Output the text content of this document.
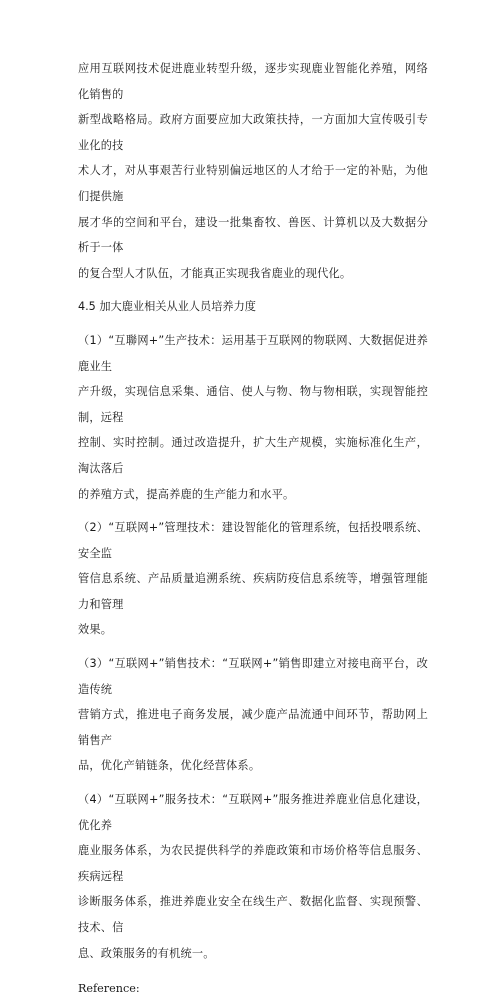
应用互联网技术促进鹿业转型升级，逐步实现鹿业智能化养殖，网络化销售的
新型战略格局。政府方面要应加大政策扶持，一方面加大宣传吸引专业化的技
术人才，对从事艰苦行业特别偏远地区的人才给于一定的补贴，为他们提供施
展才华的空间和平台，建设一批集畜牧、兽医、计算机以及大数据分析于一体
的复合型人才队伍，才能真正实现我省鹿业的现代化。

4.5 加大鹿业相关从业人员培养力度

（1）“互聯网+”生产技术：运用基于互联网的物联网、大数据促进养鹿业生
产升级，实现信息采集、通信、使人与物、物与物相联，实现智能控制，远程
控制、实时控制。通过改造提升，扩大生产规模，实施标准化生产，淘汰落后
的养殖方式，提高养鹿的生产能力和水平。

（2）“互联网+”管理技术：建设智能化的管理系统，包括投喂系统、安全监
管信息系统、产品质量追溯系统、疾病防疫信息系统等，增强管理能力和管理
效果。

（3）“互联网+”销售技术：“互联网+”销售即建立对接电商平台，改造传统
营销方式，推进电子商务发展，减少鹿产品流通中间环节，帮助网上销售产
品，优化产销链条，优化经营体系。

（4）“互联网+”服务技术：“互联网+”服务推进养鹿业信息化建设，优化养
鹿业服务体系，为农民提供科学的养鹿政策和市场价格等信息服务、疾病远程
诊断服务体系，推进养鹿业安全在线生产、数据化监督、实现预警、技术、信
息、政策服务的有机统一。

Reference:
